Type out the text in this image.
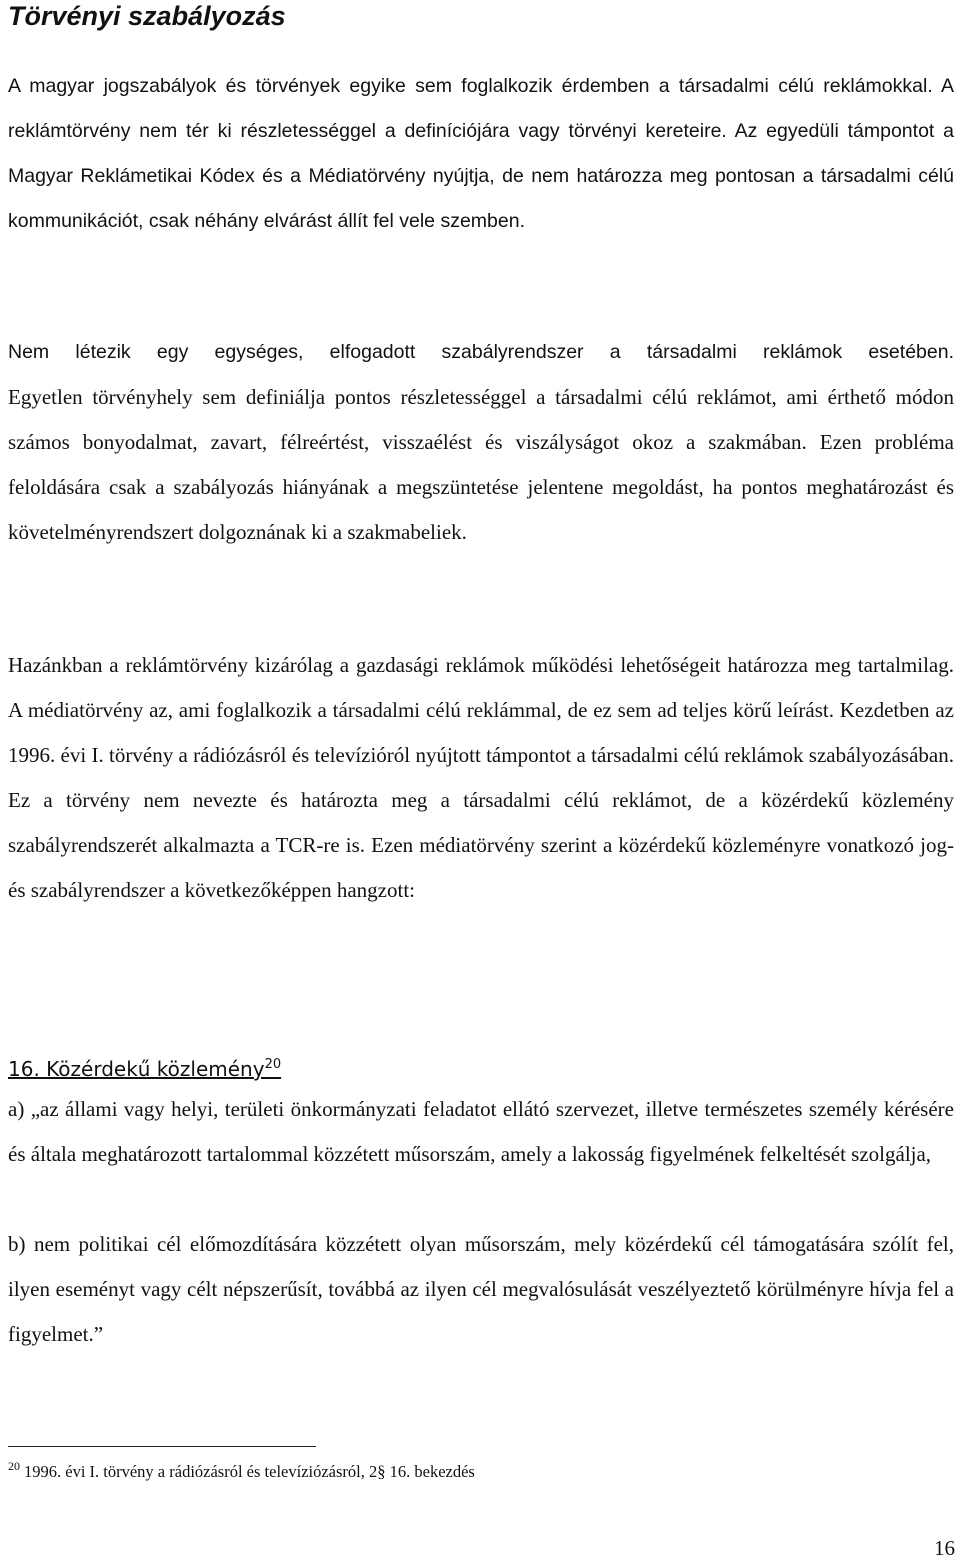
Törvényi szabályozás

A magyar jogszabályok és törvények egyike sem foglalkozik érdemben a társadalmi célú reklámokkal. A reklámtörvény nem tér ki részletességgel a definíciójára vagy törvényi kereteire. Az egyedüli támpontot a Magyar Reklámetikai Kódex és a Médiatörvény nyújtja, de nem határozza meg pontosan a társadalmi célú kommunikációt, csak néhány elvárást állít fel vele szemben.

Nem létezik egy egységes, elfogadott szabályrendszer a társadalmi reklámok esetében.

Egyetlen törvényhely sem definiálja pontos részletességgel a társadalmi célú reklámot, ami érthető módon számos bonyodalmat, zavart, félreértést, visszaélést és viszályságot okoz a szakmában. Ezen probléma feloldására csak a szabályozás hiányának a megszüntetése jelentene megoldást, ha pontos meghatározást és követelményrendszert dolgoznának ki a szakmabeliek.

Hazánkban a reklámtörvény kizárólag a gazdasági reklámok működési lehetőségeit határozza meg tartalmilag. A médiatörvény az, ami foglalkozik a társadalmi célú reklámmal, de ez sem ad teljes körű leírást. Kezdetben az 1996. évi I. törvény a rádiózásról és televízióról nyújtott támpontot a társadalmi célú reklámok szabályozásában. Ez a törvény nem nevezte és határozta meg a társadalmi célú reklámot, de a közérdekű közlemény szabályrendszerét alkalmazta a TCR-re is. Ezen médiatörvény szerint a közérdekű közleményre vonatkozó jog- és szabályrendszer a következőképpen hangzott:

16. Közérdekű közlemény$^{20}$

a) „az állami vagy helyi, területi önkormányzati feladatot ellátó szervezet, illetve természetes személy kérésére és általa meghatározott tartalommal közzétett műsorszám, amely a lakosság figyelmének felkeltését szolgálja,

b) nem politikai cél előmozdítására közzétett olyan műsorszám, mely közérdekű cél támogatására szólít fel, ilyen eseményt vagy célt népszerűsít, továbbá az ilyen cél megvalósulását veszélyeztető körülményre hívja fel a figyelmet.”

$^{20}$ 1996. évi I. törvény a rádiózásról és televíziózásról, 2§ 16. bekezdés

16
